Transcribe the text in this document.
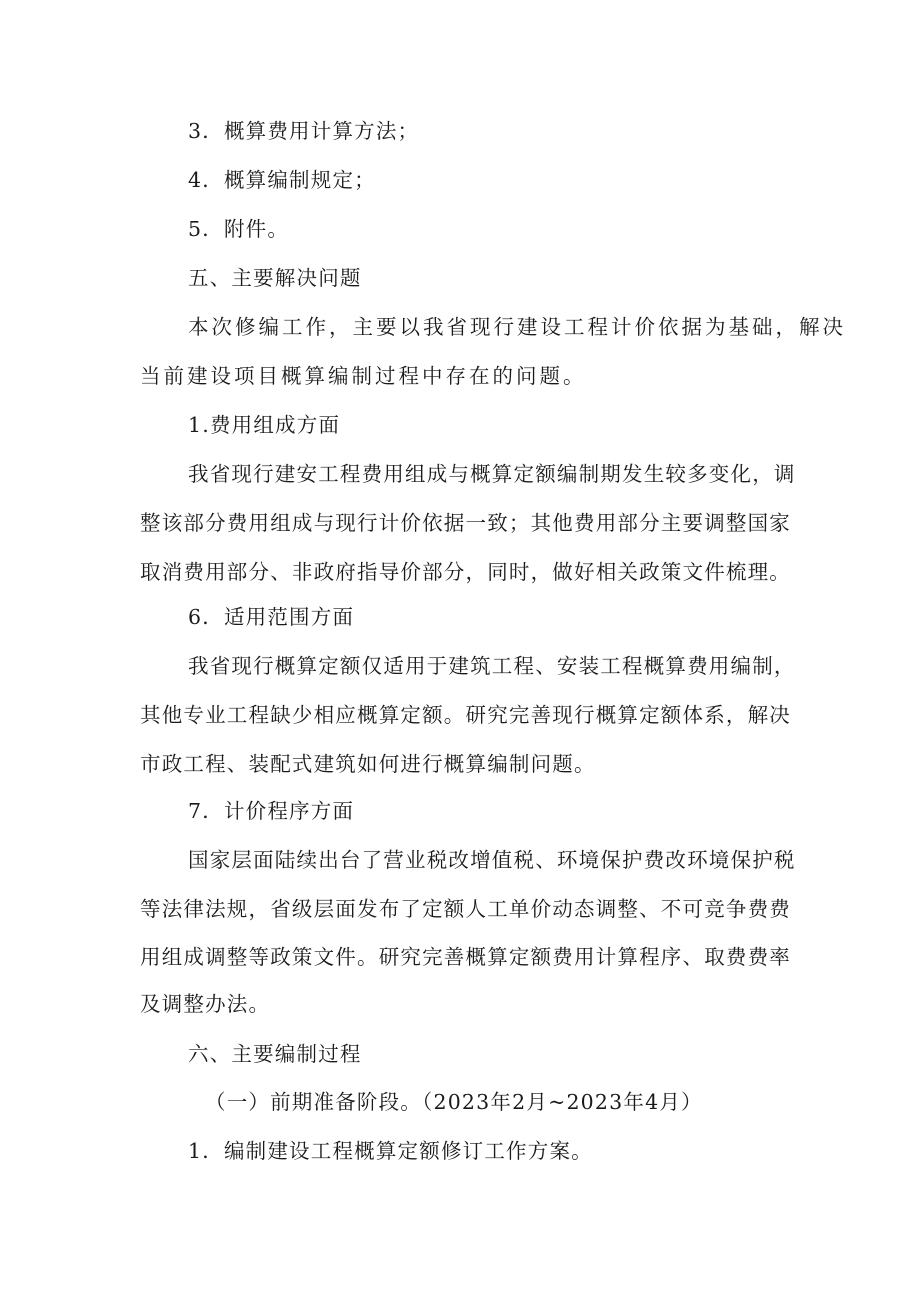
3．概算费用计算方法；
4．概算编制规定；
5．附件。
五、主要解决问题
本次修编工作，主要以我省现行建设工程计价依据为基础，解决
当前建设项目概算编制过程中存在的问题。
1.费用组成方面
我省现行建安工程费用组成与概算定额编制期发生较多变化，调
整该部分费用组成与现行计价依据一致；其他费用部分主要调整国家
取消费用部分、非政府指导价部分，同时，做好相关政策文件梳理。
6．适用范围方面
我省现行概算定额仅适用于建筑工程、安装工程概算费用编制，
其他专业工程缺少相应概算定额。研究完善现行概算定额体系，解决
市政工程、装配式建筑如何进行概算编制问题。
7．计价程序方面
国家层面陆续出台了营业税改增值税、环境保护费改环境保护税
等法律法规，省级层面发布了定额人工单价动态调整、不可竞争费费
用组成调整等政策文件。研究完善概算定额费用计算程序、取费费率
及调整办法。
六、主要编制过程
（一）前期准备阶段。（2023年2月~2023年4月）
1．编制建设工程概算定额修订工作方案。
